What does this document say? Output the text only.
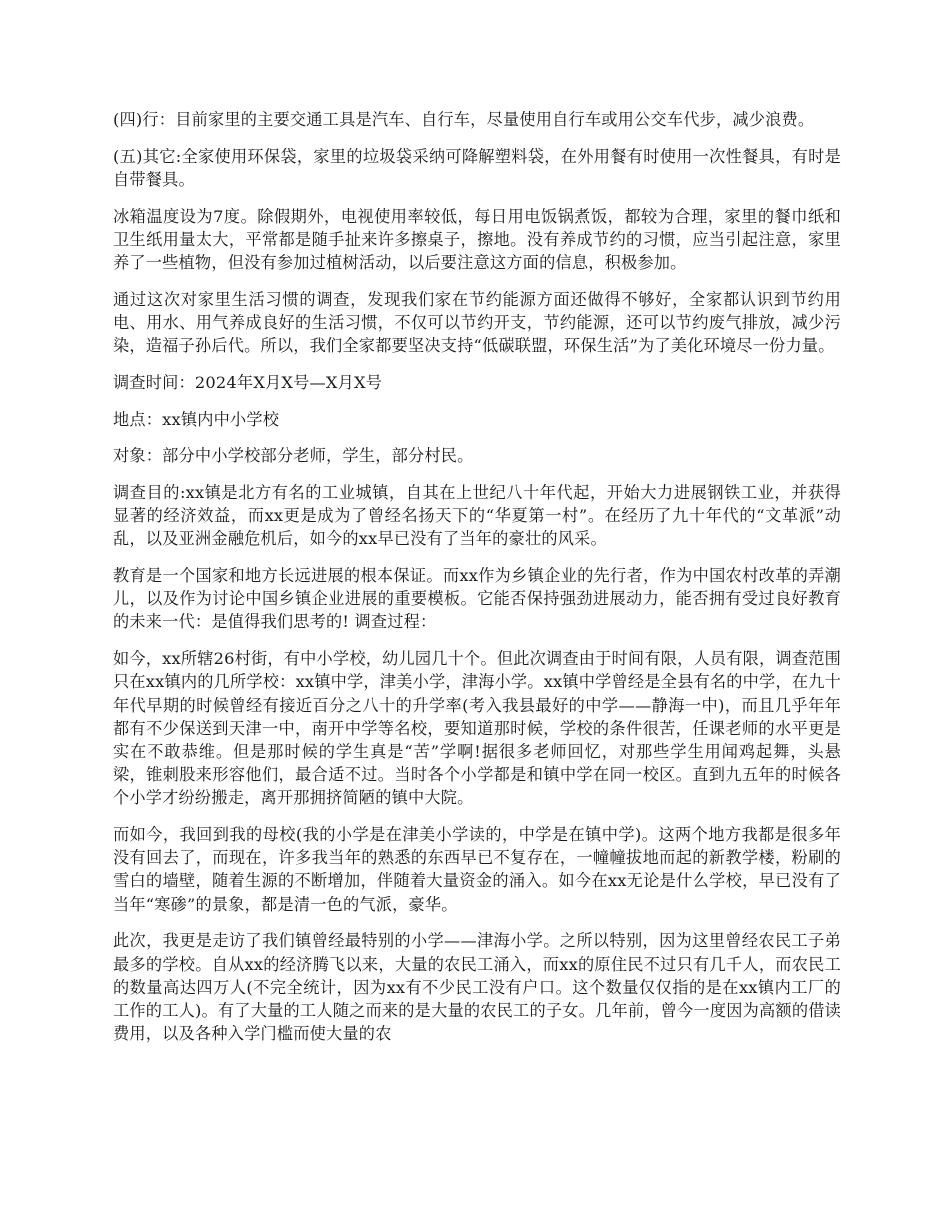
(四)行：目前家里的主要交通工具是汽车、自行车，尽量使用自行车或用公交车代步，减少浪费。

(五)其它:全家使用环保袋，家里的垃圾袋采纳可降解塑料袋，在外用餐有时使用一次性餐具，有时是自带餐具。

冰箱温度设为7度。除假期外，电视使用率较低，每日用电饭锅煮饭，都较为合理，家里的餐巾纸和卫生纸用量太大，平常都是随手扯来许多擦桌子，擦地。没有养成节约的习惯，应当引起注意，家里养了一些植物，但没有参加过植树活动，以后要注意这方面的信息，积极参加。

通过这次对家里生活习惯的调查，发现我们家在节约能源方面还做得不够好，全家都认识到节约用电、用水、用气养成良好的生活习惯，不仅可以节约开支，节约能源，还可以节约废气排放，减少污染，造福子孙后代。所以，我们全家都要坚决支持“低碳联盟，环保生活”为了美化环境尽一份力量。

调查时间：2024年X月X号—X月X号

地点：xx镇内中小学校

对象：部分中小学校部分老师，学生，部分村民。

调查目的:xx镇是北方有名的工业城镇，自其在上世纪八十年代起，开始大力进展钢铁工业，并获得显著的经济效益，而xx更是成为了曾经名扬天下的“华夏第一村”。在经历了九十年代的“文革派”动乱，以及亚洲金融危机后，如今的xx早已没有了当年的豪壮的风采。

教育是一个国家和地方长远进展的根本保证。而xx作为乡镇企业的先行者，作为中国农村改革的弄潮儿，以及作为讨论中国乡镇企业进展的重要模板。它能否保持强劲进展动力，能否拥有受过良好教育的未来一代：是值得我们思考的! 调查过程：

如今，xx所辖26村街，有中小学校，幼儿园几十个。但此次调查由于时间有限，人员有限，调查范围只在xx镇内的几所学校：xx镇中学，津美小学，津海小学。xx镇中学曾经是全县有名的中学，在九十年代早期的时候曾经有接近百分之八十的升学率(考入我县最好的中学——静海一中)，而且几乎年年都有不少保送到天津一中，南开中学等名校，要知道那时候，学校的条件很苦，任课老师的水平更是实在不敢恭维。但是那时候的学生真是“苦”学啊!据很多老师回忆，对那些学生用闻鸡起舞，头悬梁，锥刺股来形容他们，最合适不过。当时各个小学都是和镇中学在同一校区。直到九五年的时候各个小学才纷纷搬走，离开那拥挤简陋的镇中大院。

而如今，我回到我的母校(我的小学是在津美小学读的，中学是在镇中学)。这两个地方我都是很多年没有回去了，而现在，许多我当年的熟悉的东西早已不复存在，一幢幢拔地而起的新教学楼，粉刷的雪白的墙壁，随着生源的不断增加，伴随着大量资金的涌入。如今在xx无论是什么学校，早已没有了当年“寒碜”的景象，都是清一色的气派，豪华。

此次，我更是走访了我们镇曾经最特别的小学——津海小学。之所以特别，因为这里曾经农民工子弟最多的学校。自从xx的经济腾飞以来，大量的农民工涌入，而xx的原住民不过只有几千人，而农民工的数量高达四万人(不完全统计，因为xx有不少民工没有户口。这个数量仅仅指的是在xx镇内工厂的工作的工人)。有了大量的工人随之而来的是大量的农民工的子女。几年前，曾今一度因为高额的借读费用，以及各种入学门槛而使大量的农
